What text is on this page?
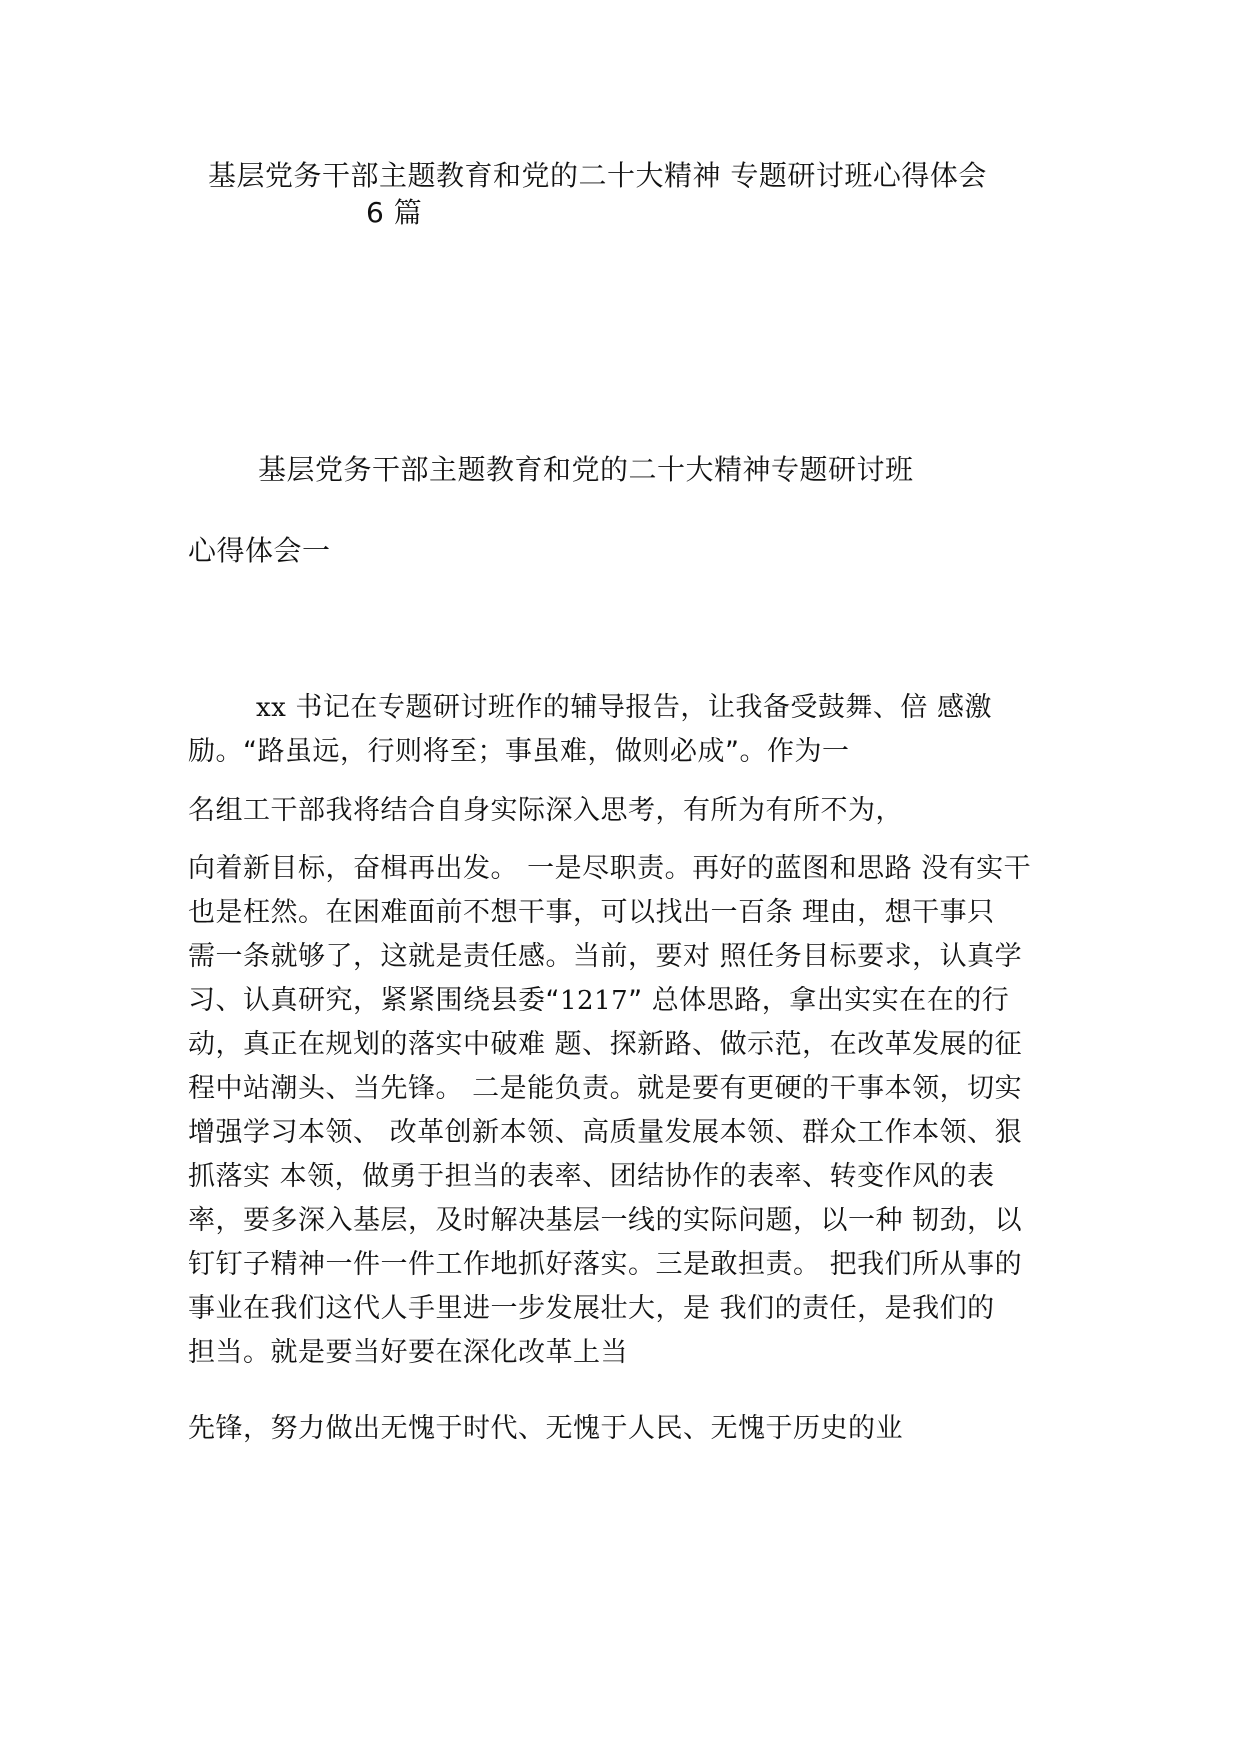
基层党务干部主题教育和党的二十大精神 专题研讨班心得体会
6 篇
基层党务干部主题教育和党的二十大精神专题研讨班
心得体会一
xx 书记在专题研讨班作的辅导报告，让我备受鼓舞、倍 感激
励。“路虽远，行则将至；事虽难，做则必成”。作为一
名组工干部我将结合自身实际深入思考，有所为有所不为，
向着新目标，奋楫再出发。 一是尽职责。再好的蓝图和思路 没有实干
也是枉然。在困难面前不想干事，可以找出一百条 理由，想干事只
需一条就够了，这就是责任感。当前，要对 照任务目标要求，认真学
习、认真研究，紧紧围绕县委“1217” 总体思路，拿出实实在在的行
动，真正在规划的落实中破难 题、探新路、做示范，在改革发展的征
程中站潮头、当先锋。 二是能负责。就是要有更硬的干事本领，切实
增强学习本领、 改革创新本领、高质量发展本领、群众工作本领、狠
抓落实 本领，做勇于担当的表率、团结协作的表率、转变作风的表
率，要多深入基层，及时解决基层一线的实际问题，以一种 韧劲，以
钉钉子精神一件一件工作地抓好落实。三是敢担责。 把我们所从事的
事业在我们这代人手里进一步发展壮大，是 我们的责任，是我们的
担当。就是要当好要在深化改革上当
先锋，努力做出无愧于时代、无愧于人民、无愧于历史的业
